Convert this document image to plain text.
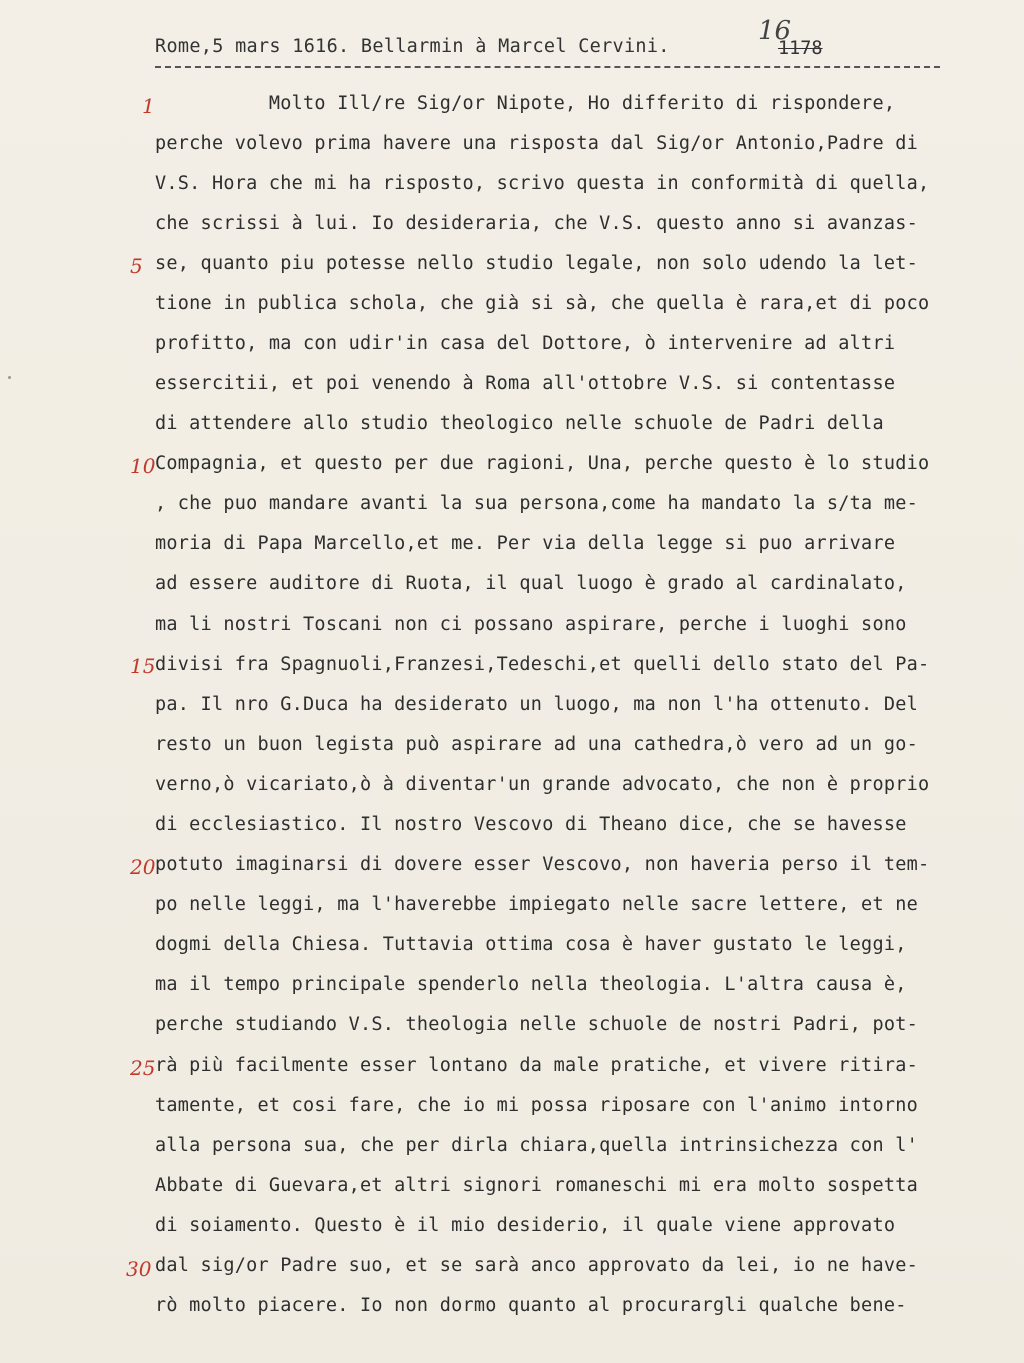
Rome,5 mars 1616. Bellarmin à Marcel Cervini.
16
1178
1
5
10
15
20
25
30
Molto Ill/re Sig/or Nipote, Ho differito di rispondere,
perche volevo prima havere una risposta dal Sig/or Antonio,Padre di
V.S. Hora che mi ha risposto, scrivo questa in conformità di quella,
che scrissi à lui. Io desideraria, che V.S. questo anno si avanzas-
se, quanto piu potesse nello studio legale, non solo udendo la let-
tione in publica schola, che già si sà, che quella è rara,et di poco
profitto, ma con udir'in casa del Dottore, ò intervenire ad altri
essercitii, et poi venendo à Roma all'ottobre V.S. si contentasse
di attendere allo studio theologico nelle schuole de Padri della
Compagnia, et questo per due ragioni, Una, perche questo è lo studio
, che puo mandare avanti la sua persona,come ha mandato la s/ta me-
moria di Papa Marcello,et me. Per via della legge si puo arrivare
ad essere auditore di Ruota, il qual luogo è grado al cardinalato,
ma li nostri Toscani non ci possano aspirare, perche i luoghi sono
divisi fra Spagnuoli,Franzesi,Tedeschi,et quelli dello stato del Pa-
pa. Il nro G.Duca ha desiderato un luogo, ma non l'ha ottenuto. Del
resto un buon legista può aspirare ad una cathedra,ò vero ad un go-
verno,ò vicariato,ò à diventar'un grande advocato, che non è proprio
di ecclesiastico. Il nostro Vescovo di Theano dice, che se havesse
potuto imaginarsi di dovere esser Vescovo, non haveria perso il tem-
po nelle leggi, ma l'haverebbe impiegato nelle sacre lettere, et ne
dogmi della Chiesa. Tuttavia ottima cosa è haver gustato le leggi,
ma il tempo principale spenderlo nella theologia. L'altra causa è,
perche studiando V.S. theologia nelle schuole de nostri Padri, pot-
rà più facilmente esser lontano da male pratiche, et vivere ritira-
tamente, et cosi fare, che io mi possa riposare con l'animo intorno
alla persona sua, che per dirla chiara,quella intrinsichezza con l'
Abbate di Guevara,et altri signori romaneschi mi era molto sospetta
di soiamento. Questo è il mio desiderio, il quale viene approvato
dal sig/or Padre suo, et se sarà anco approvato da lei, io ne have-
rò molto piacere. Io non dormo quanto al procurargli qualche bene-
